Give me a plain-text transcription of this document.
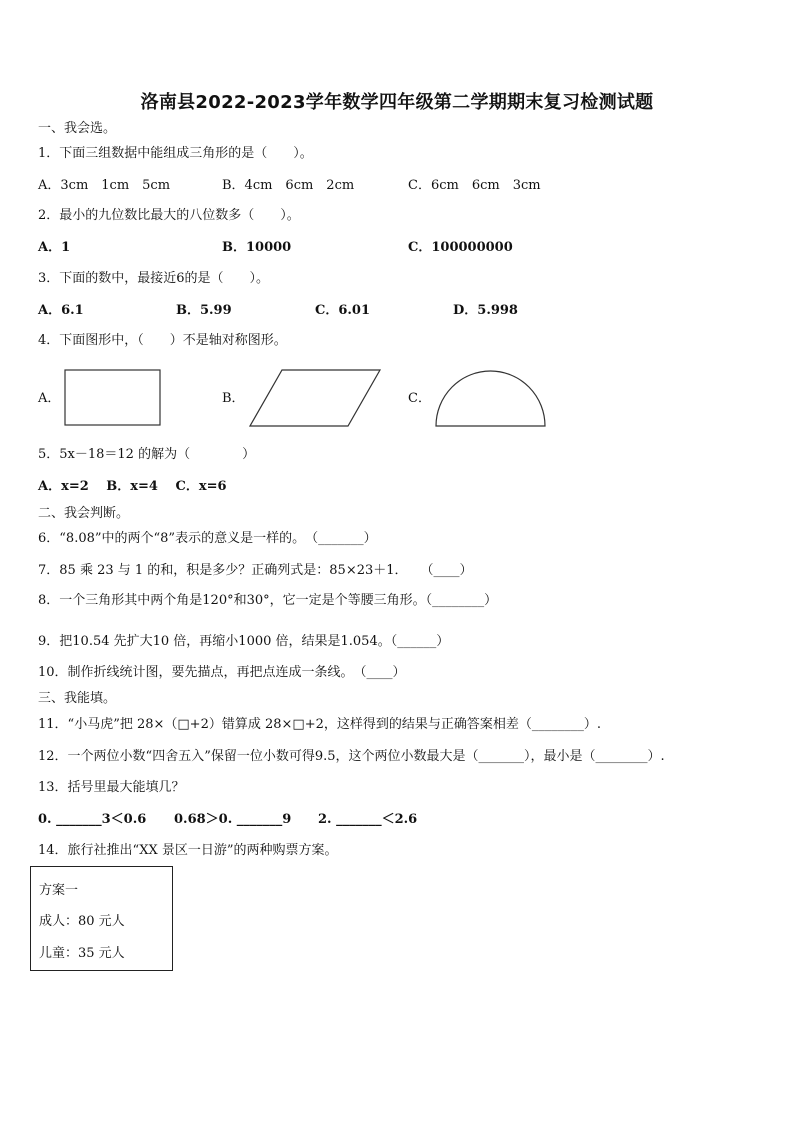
洛南县2022-2023学年数学四年级第二学期期末复习检测试题
一、我会选。
1．下面三组数据中能组成三角形的是（　　）。
A．3cm　1cm　5cm	B．4cm　6cm　2cm	C．6cm　6cm　3cm
2．最小的九位数比最大的八位数多（　　）。
A．1	B．10000	C．100000000
3．下面的数中，最接近6的是（　　）。
A．6.1	B．5.99	C．6.01	D．5.998
4．下面图形中，（　　）不是轴对称图形。
A．	B．	C．
5．5x－18＝12 的解为（　　　　）
A．x=2　 B．x=4　 C．x=6
二、我会判断。
6．“8.08”中的两个“8”表示的意义是一样的。　（_______）
7．85 乘 23 与 1 的和，积是多少？正确列式是：85×23＋1．　　（____）
8．一个三角形其中两个角是120°和30°，它一定是个等腰三角形。（________）
9．把10.54 先扩大10 倍，再缩小1000 倍，结果是1.054。（______）
10．制作折线统计图，要先描点，再把点连成一条线。　（____）
三、我能填。
11．“小马虎”把 28×（□+2）错算成 28×□+2，这样得到的结果与正确答案相差（________）.
12．一个两位小数“四舍五入”保留一位小数可得9.5，这个两位小数最大是（_______），最小是（________）.
13．括号里最大能填几？
0. _______3＜0.6 0.68＞0. _______9 2. _______＜2.6
14．旅行社推出“XX 景区一日游”的两种购票方案。
方案一
成人：80 元人
儿童：35 元人
